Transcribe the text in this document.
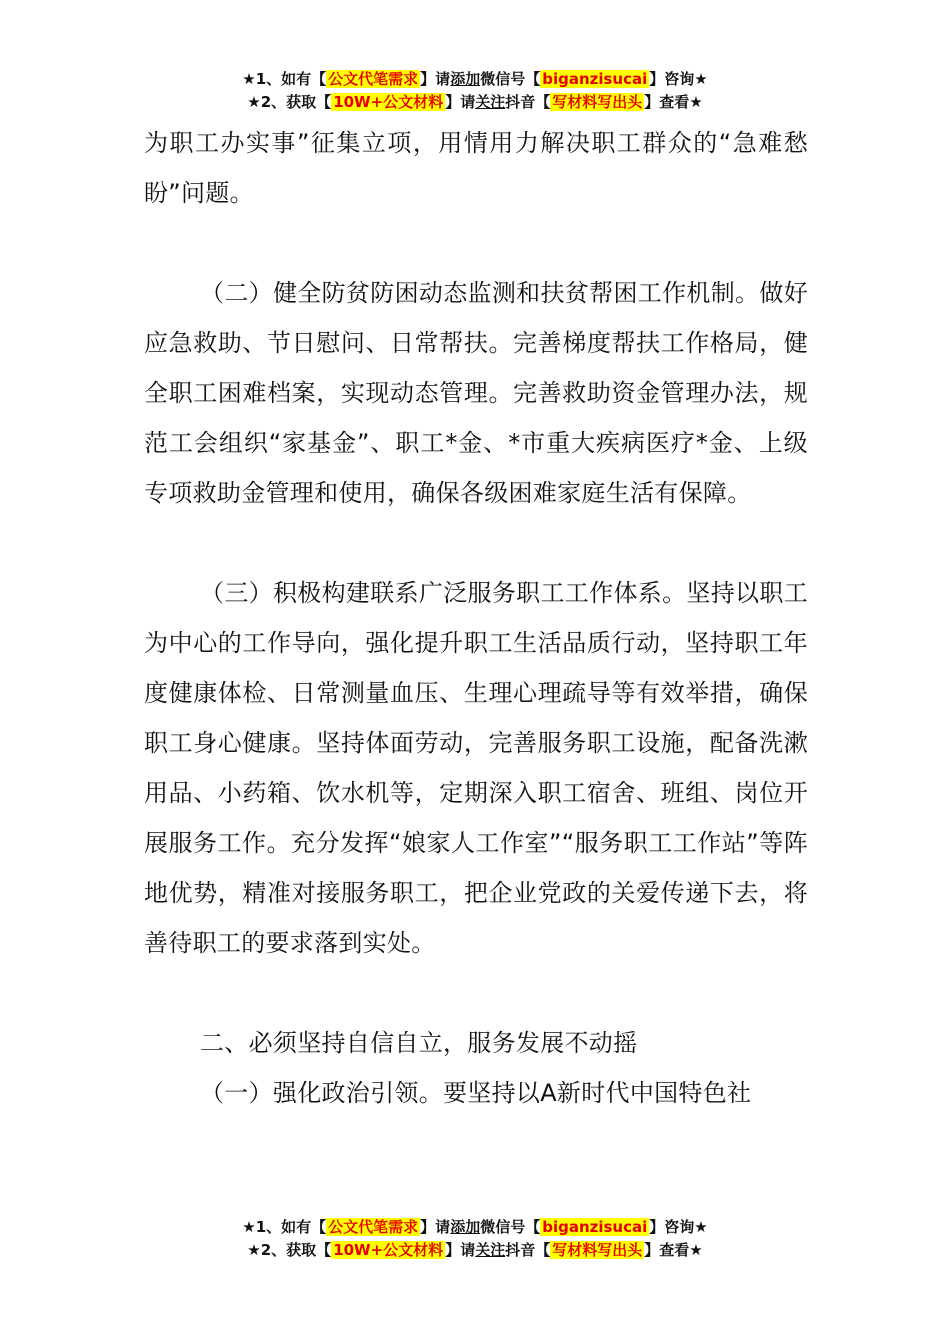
★1、如有【 公文代笔需求 】请添加微信号【 biganzisucai 】咨询★
★2、获取【 10W+公文材料 】请关注抖音【 写材料写出头 】查看★

为职工办实事”征集立项，用情用力解决职工群众的“急难愁盼”问题。

（二）健全防贫防困动态监测和扶贫帮困工作机制。做好应急救助、节日慰问、日常帮扶。完善梯度帮扶工作格局，健全职工困难档案，实现动态管理。完善救助资金管理办法，规范工会组织“家基金”、职工*金、*市重大疾病医疗*金、上级专项救助金管理和使用，确保各级困难家庭生活有保障。

（三）积极构建联系广泛服务职工工作体系。坚持以职工为中心的工作导向，强化提升职工生活品质行动，坚持职工年度健康体检、日常测量血压、生理心理疏导等有效举措，确保职工身心健康。坚持体面劳动，完善服务职工设施，配备洗漱用品、小药箱、饮水机等，定期深入职工宿舍、班组、岗位开展服务工作。充分发挥“娘家人工作室”“服务职工工作站”等阵地优势，精准对接服务职工，把企业党政的关爱传递下去，将善待职工的要求落到实处。

二、必须坚持自信自立，服务发展不动摇

（一）强化政治引领。要坚持以A新时代中国特色社

★1、如有【 公文代笔需求 】请添加微信号【 biganzisucai 】咨询★
★2、获取【 10W+公文材料 】请关注抖音【 写材料写出头 】查看★
